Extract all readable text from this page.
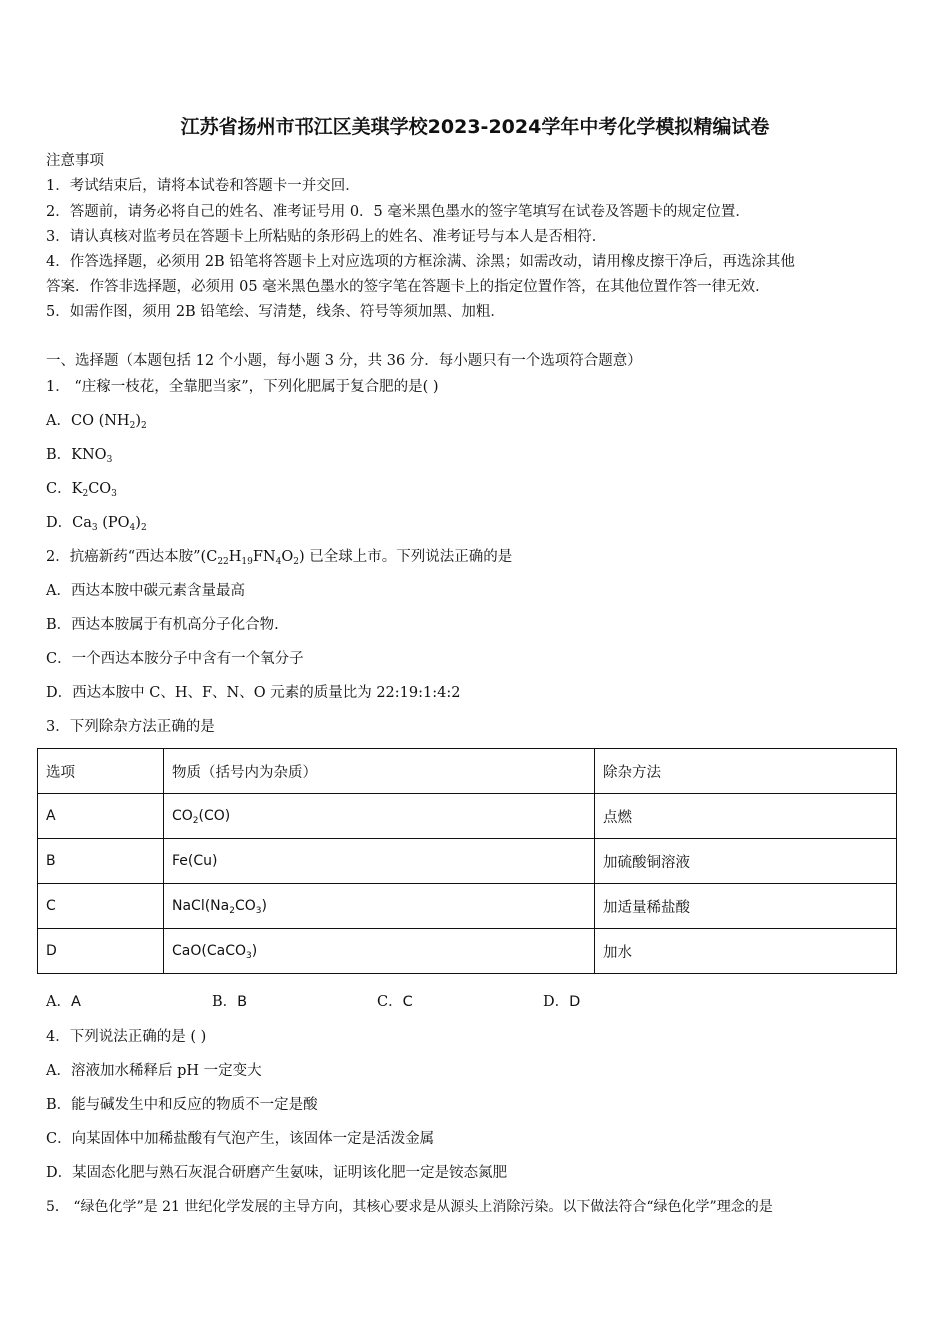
江苏省扬州市邗江区美琪学校2023-2024学年中考化学模拟精编试卷
注意事项
1．考试结束后，请将本试卷和答题卡一并交回．
2．答题前，请务必将自己的姓名、准考证号用 0．5 毫米黑色墨水的签字笔填写在试卷及答题卡的规定位置．
3．请认真核对监考员在答题卡上所粘贴的条形码上的姓名、准考证号与本人是否相符．
4．作答选择题，必须用 2B 铅笔将答题卡上对应选项的方框涂满、涂黑；如需改动，请用橡皮擦干净后，再选涂其他
答案．作答非选择题，必须用 05 毫米黑色墨水的签字笔在答题卡上的指定位置作答，在其他位置作答一律无效．
5．如需作图，须用 2B 铅笔绘、写清楚，线条、符号等须加黑、加粗．
一、选择题（本题包括 12 个小题，每小题 3 分，共 36 分．每小题只有一个选项符合题意）
1． “庄稼一枝花，全靠肥当家”，下列化肥属于复合肥的是( )
A．CO $(NH_2)_2$
B．$KNO_3$
C．$K_2CO_3$
D．$Ca_3$ $(PO_4)_2$
2．抗癌新药“西达本胺$”(C_{22}H_{19}FN_4O_2)$ 已全球上市。下列说法正确的是
A．西达本胺中碳元素含量最高
B．西达本胺属于有机高分子化合物.
C．一个西达本胺分子中含有一个氧分子
D．西达本胺中 C、H、F、N、O 元素的质量比为 22:19:1:4:2
3．下列除杂方法正确的是
选项	物质（括号内为杂质）	除杂方法
A	$CO_2(CO)$	点燃
B	Fe(Cu)	加硫酸铜溶液
C	$NaCl(Na_2CO_3)$	加适量稀盐酸
D	CaO(CaCO$_3$)	加水
A．A	B．B	C．C	D．D
4．下列说法正确的是 ( )
A．溶液加水稀释后 pH 一定变大
B．能与碱发生中和反应的物质不一定是酸
C．向某固体中加稀盐酸有气泡产生，该固体一定是活泼金属
D．某固态化肥与熟石灰混合研磨产生氨味，证明该化肥一定是铵态氮肥
5． “绿色化学”是 21 世纪化学发展的主导方向，其核心要求是从源头上消除污染。以下做法符合“绿色化学”理念的是
